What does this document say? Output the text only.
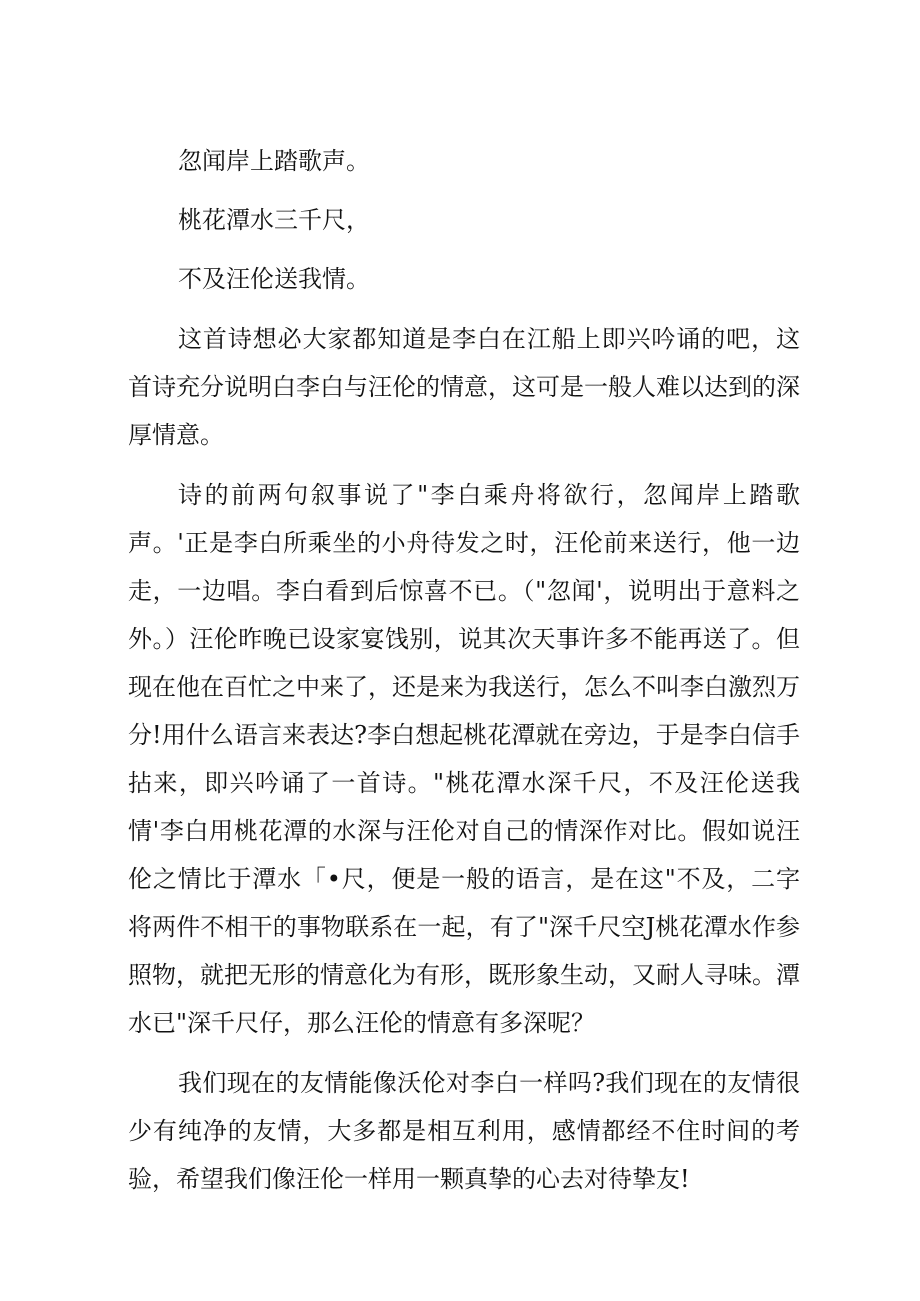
忽闻岸上踏歌声。

桃花潭水三千尺，

不及汪伦送我情。

这首诗想必大家都知道是李白在江船上即兴吟诵的吧，这首诗充分说明白李白与汪伦的情意，这可是一般人难以达到的深厚情意。

诗的前两句叙事说了"李白乘舟将欲行，忽闻岸上踏歌声。'正是李白所乘坐的小舟待发之时，汪伦前来送行，他一边走，一边唱。李白看到后惊喜不已。（"忽闻'，说明出于意料之外。）汪伦昨晚已设家宴饯别，说其次天事许多不能再送了。但现在他在百忙之中来了，还是来为我送行，怎么不叫李白激烈万分!用什么语言来表达?李白想起桃花潭就在旁边，于是李白信手拈来，即兴吟诵了一首诗。"桃花潭水深千尺，不及汪伦送我情'李白用桃花潭的水深与汪伦对自己的情深作对比。假如说汪伦之情比于潭水「•尺，便是一般的语言，是在这"不及，二字将两件不相干的事物联系在一起，有了"深千尺空J桃花潭水作参照物，就把无形的情意化为有形，既形象生动，又耐人寻味。潭水已"深千尺仔，那么汪伦的情意有多深呢？

我们现在的友情能像沃伦对李白一样吗?我们现在的友情很少有纯净的友情，大多都是相互利用，感情都经不住时间的考验，希望我们像汪伦一样用一颗真挚的心去对待挚友!
